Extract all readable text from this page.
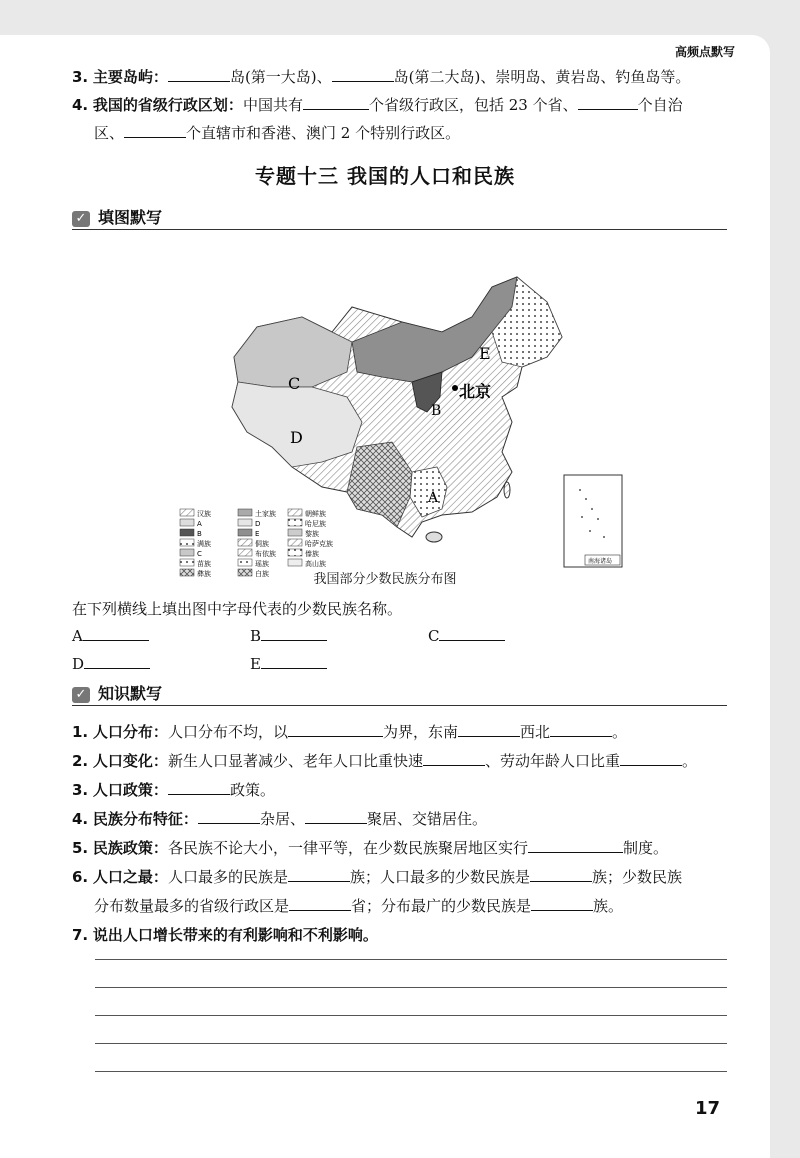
高频点默写
3. 主要岛屿：	岛(第一大岛)、	岛(第二大岛)、崇明岛、黄岩岛、钓鱼岛等。
4. 我国的省级行政区划：中国共有	个省级行政区，包括 23 个省、	个自治
区、	个直辖市和香港、澳门 2 个特别行政区。
专题十三 我国的人口和民族
✓ 填图默写
C
D
E
B
A
北京
南海诸岛
汉族
A
B
满族
C
苗族
彝族
土家族
D
E
侗族
布依族
瑶族
白族
朝鲜族
哈尼族
黎族
哈萨克族
傣族
高山族
我国部分少数民族分布图
在下列横线上填出图中字母代表的少数民族名称。
A	B	C
D	E
✓ 知识默写
1. 人口分布：人口分布不均，以	为界，东南	西北	。
2. 人口变化：新生人口显著减少、老年人口比重快速	、劳动年龄人口比重	。
3. 人口政策：	政策。
4. 民族分布特征：	杂居、	聚居、交错居住。
5. 民族政策：各民族不论大小，一律平等，在少数民族聚居地区实行	制度。
6. 人口之最：人口最多的民族是	族；人口最多的少数民族是	族；少数民族
分布数量最多的省级行政区是	省；分布最广的少数民族是	族。
7. 说出人口增长带来的有利影响和不利影响。
17
